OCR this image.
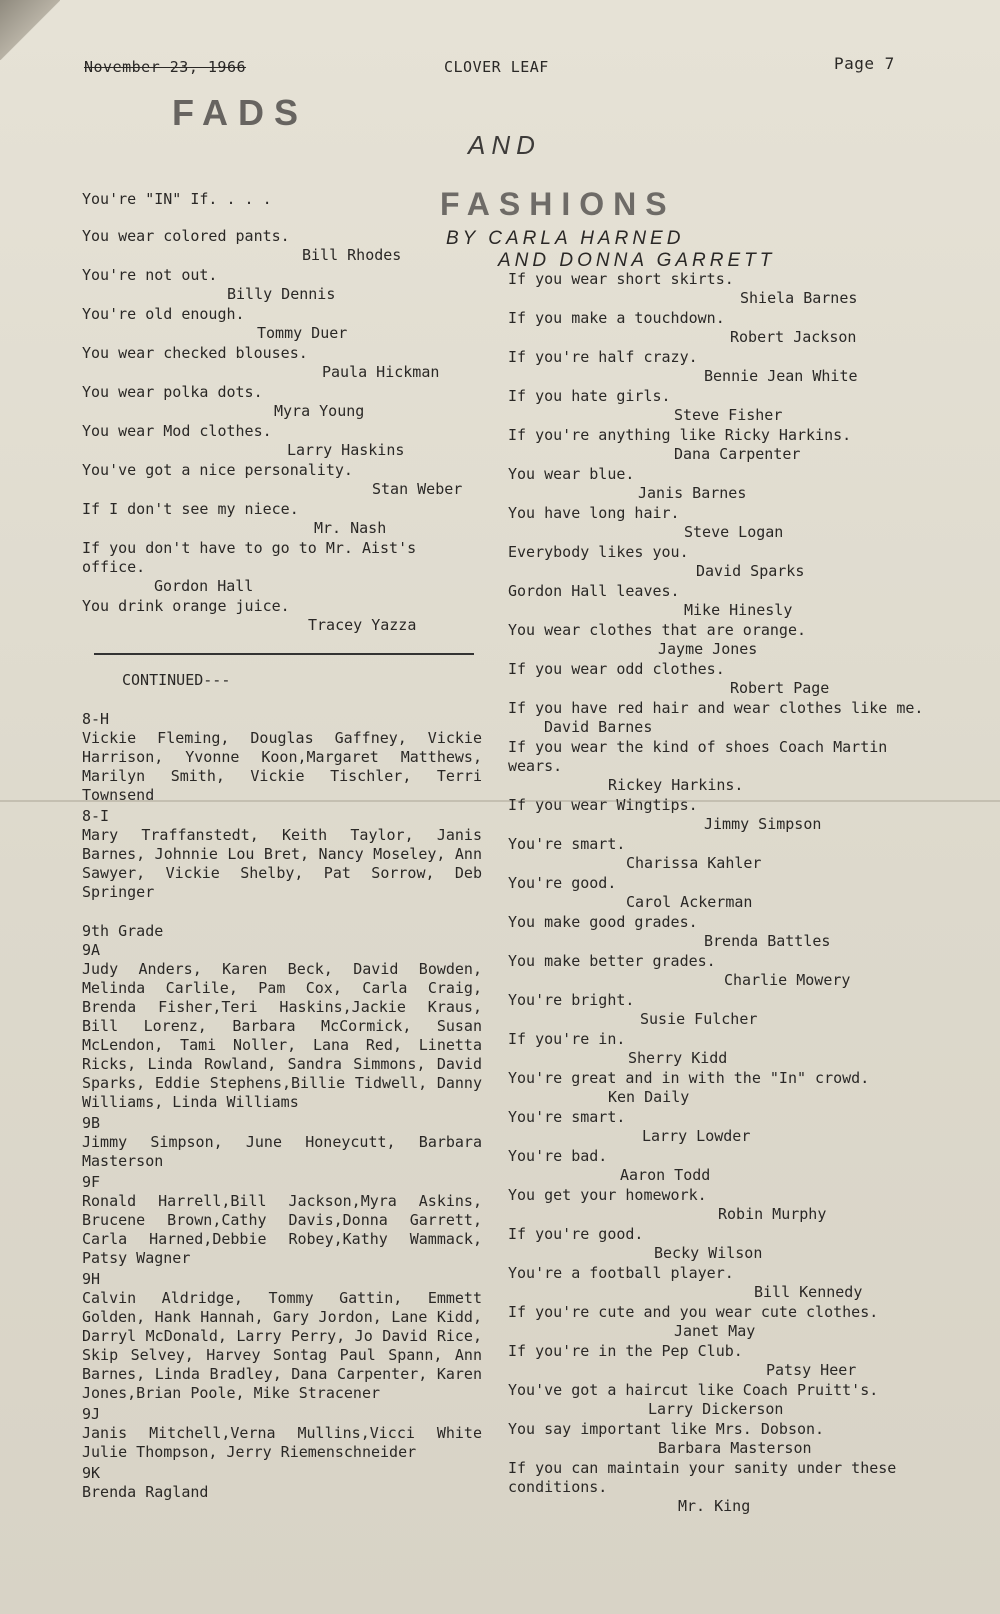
November 23, 1966	CLOVER LEAF	Page 7
FADS
AND
FASHIONS
BY CARLA HARNED
AND DONNA GARRETT
You're "IN" If. . . .
You wear colored pants.
Bill Rhodes
You're not out.
Billy Dennis
You're old enough.
Tommy Duer
You wear checked blouses.
Paula Hickman
You wear polka dots.
Myra Young
You wear Mod clothes.
Larry Haskins
You've got a nice personality.
Stan Weber
If I don't see my niece.
Mr. Nash
If you don't have to go to Mr. Aist's office.
Gordon Hall
You drink orange juice.
Tracey Yazza
CONTINUED---
8-H
Vickie Fleming, Douglas Gaffney, Vickie Harrison, Yvonne Koon,Margaret Matthews, Marilyn Smith, Vickie Tischler, Terri Townsend
8-I
Mary Traffanstedt, Keith Taylor, Janis Barnes, Johnnie Lou Bret, Nancy Moseley, Ann Sawyer, Vickie Shelby, Pat Sorrow, Deb Springer
9th Grade
9A
Judy Anders, Karen Beck, David Bowden, Melinda Carlile, Pam Cox, Carla Craig, Brenda Fisher,Teri Haskins,Jackie Kraus, Bill Lorenz, Barbara McCormick, Susan McLendon, Tami Noller, Lana Red, Linetta Ricks, Linda Rowland, Sandra Simmons, David Sparks, Eddie Stephens,Billie Tidwell, Danny Williams, Linda Williams
9B
Jimmy Simpson, June Honeycutt, Barbara Masterson
9F
Ronald Harrell,Bill Jackson,Myra Askins, Brucene Brown,Cathy Davis,Donna Garrett, Carla Harned,Debbie Robey,Kathy Wammack, Patsy Wagner
9H
Calvin Aldridge, Tommy Gattin, Emmett Golden, Hank Hannah, Gary Jordon, Lane Kidd, Darryl McDonald, Larry Perry, Jo David Rice, Skip Selvey, Harvey Sontag Paul Spann, Ann Barnes, Linda Bradley, Dana Carpenter, Karen Jones,Brian Poole, Mike Stracener
9J
Janis Mitchell,Verna Mullins,Vicci White Julie Thompson, Jerry Riemenschneider
9K
Brenda Ragland
If you wear short skirts.
Shiela Barnes
If you make a touchdown.
Robert Jackson
If you're half crazy.
Bennie Jean White
If you hate girls.
Steve Fisher
If you're anything like Ricky Harkins.
Dana Carpenter
You wear blue.
Janis Barnes
You have long hair.
Steve Logan
Everybody likes you.
David Sparks
Gordon Hall leaves.
Mike Hinesly
You wear clothes that are orange.
Jayme Jones
If you wear odd clothes.
Robert Page
If you have red hair and wear clothes like me.
David Barnes
If you wear the kind of shoes Coach Martin wears.
Rickey Harkins.
If you wear Wingtips.
Jimmy Simpson
You're smart.
Charissa Kahler
You're good.
Carol Ackerman
You make good grades.
Brenda Battles
You make better grades.
Charlie Mowery
You're bright.
Susie Fulcher
If you're in.
Sherry Kidd
You're great and in with the "In" crowd.
Ken Daily
You're smart.
Larry Lowder
You're bad.
Aaron Todd
You get your homework.
Robin Murphy
If you're good.
Becky Wilson
You're a football player.
Bill Kennedy
If you're cute and you wear cute clothes.
Janet May
If you're in the Pep Club.
Patsy Heer
You've got a haircut like Coach Pruitt's.
Larry Dickerson
You say important like Mrs. Dobson.
Barbara Masterson
If you can maintain your sanity under these conditions.
Mr. King
